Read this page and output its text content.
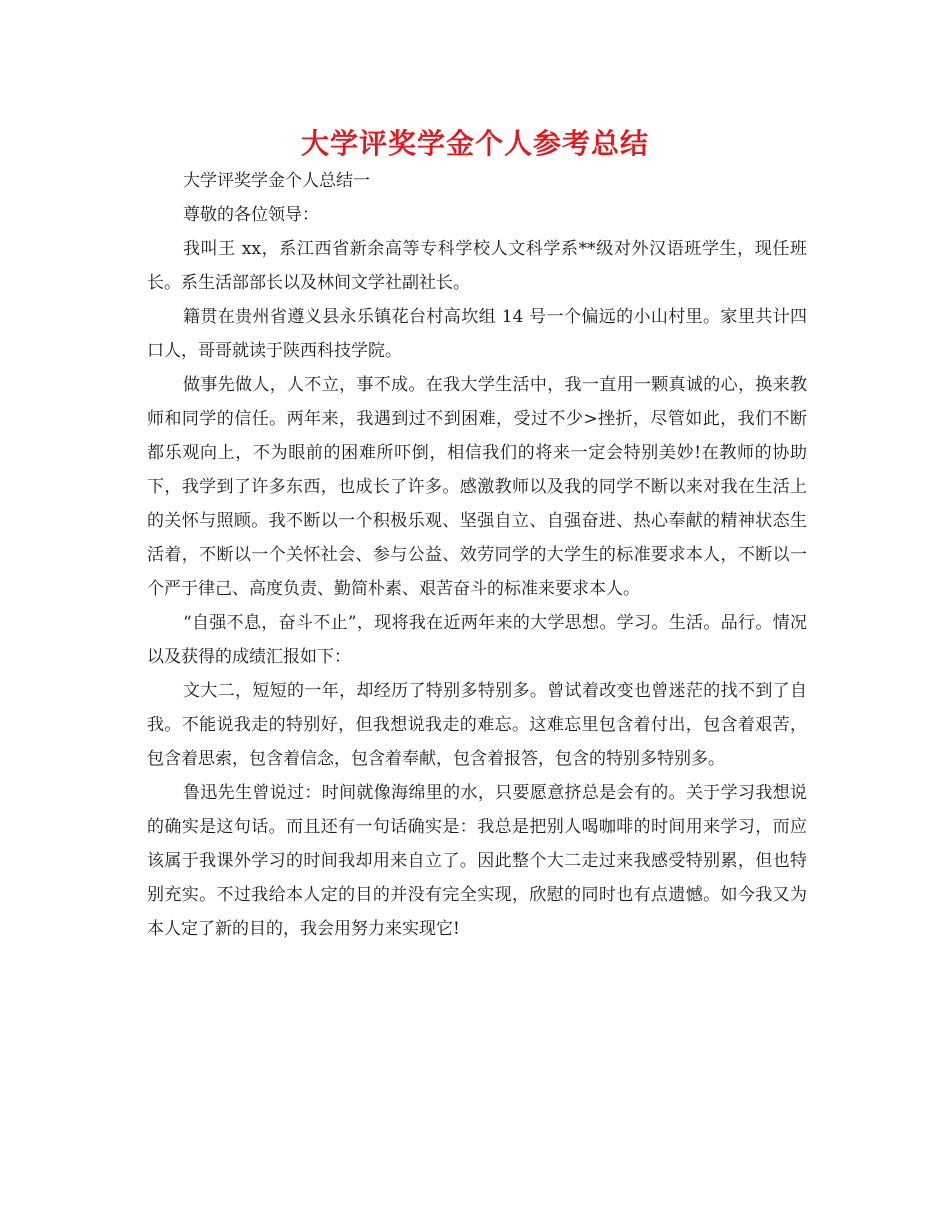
大学评奖学金个人参考总结

大学评奖学金个人总结一

尊敬的各位领导：

我叫王 xx，系江西省新余高等专科学校人文科学系**级对外汉语班学生，现任班长。系生活部部长以及林间文学社副社长。

籍贯在贵州省遵义县永乐镇花台村高坎组 14 号一个偏远的小山村里。家里共计四口人，哥哥就读于陕西科技学院。

做事先做人，人不立，事不成。在我大学生活中，我一直用一颗真诚的心，换来教师和同学的信任。两年来，我遇到过不到困难，受过不少>挫折，尽管如此，我们不断都乐观向上，不为眼前的困难所吓倒，相信我们的将来一定会特别美妙!在教师的协助下，我学到了许多东西，也成长了许多。感激教师以及我的同学不断以来对我在生活上的关怀与照顾。我不断以一个积极乐观、坚强自立、自强奋进、热心奉献的精神状态生活着，不断以一个关怀社会、参与公益、效劳同学的大学生的标准要求本人，不断以一个严于律己、高度负责、勤简朴素、艰苦奋斗的标准来要求本人。

“自强不息，奋斗不止”，现将我在近两年来的大学思想。学习。生活。品行。情况以及获得的成绩汇报如下：

文大二，短短的一年，却经历了特别多特别多。曾试着改变也曾迷茫的找不到了自我。不能说我走的特别好，但我想说我走的难忘。这难忘里包含着付出，包含着艰苦，包含着思索，包含着信念，包含着奉献，包含着报答，包含的特别多特别多。

鲁迅先生曾说过：时间就像海绵里的水，只要愿意挤总是会有的。关于学习我想说的确实是这句话。而且还有一句话确实是：我总是把别人喝咖啡的时间用来学习，而应该属于我课外学习的时间我却用来自立了。因此整个大二走过来我感受特别累，但也特别充实。不过我给本人定的目的并没有完全实现，欣慰的同时也有点遗憾。如今我又为本人定了新的目的，我会用努力来实现它!
